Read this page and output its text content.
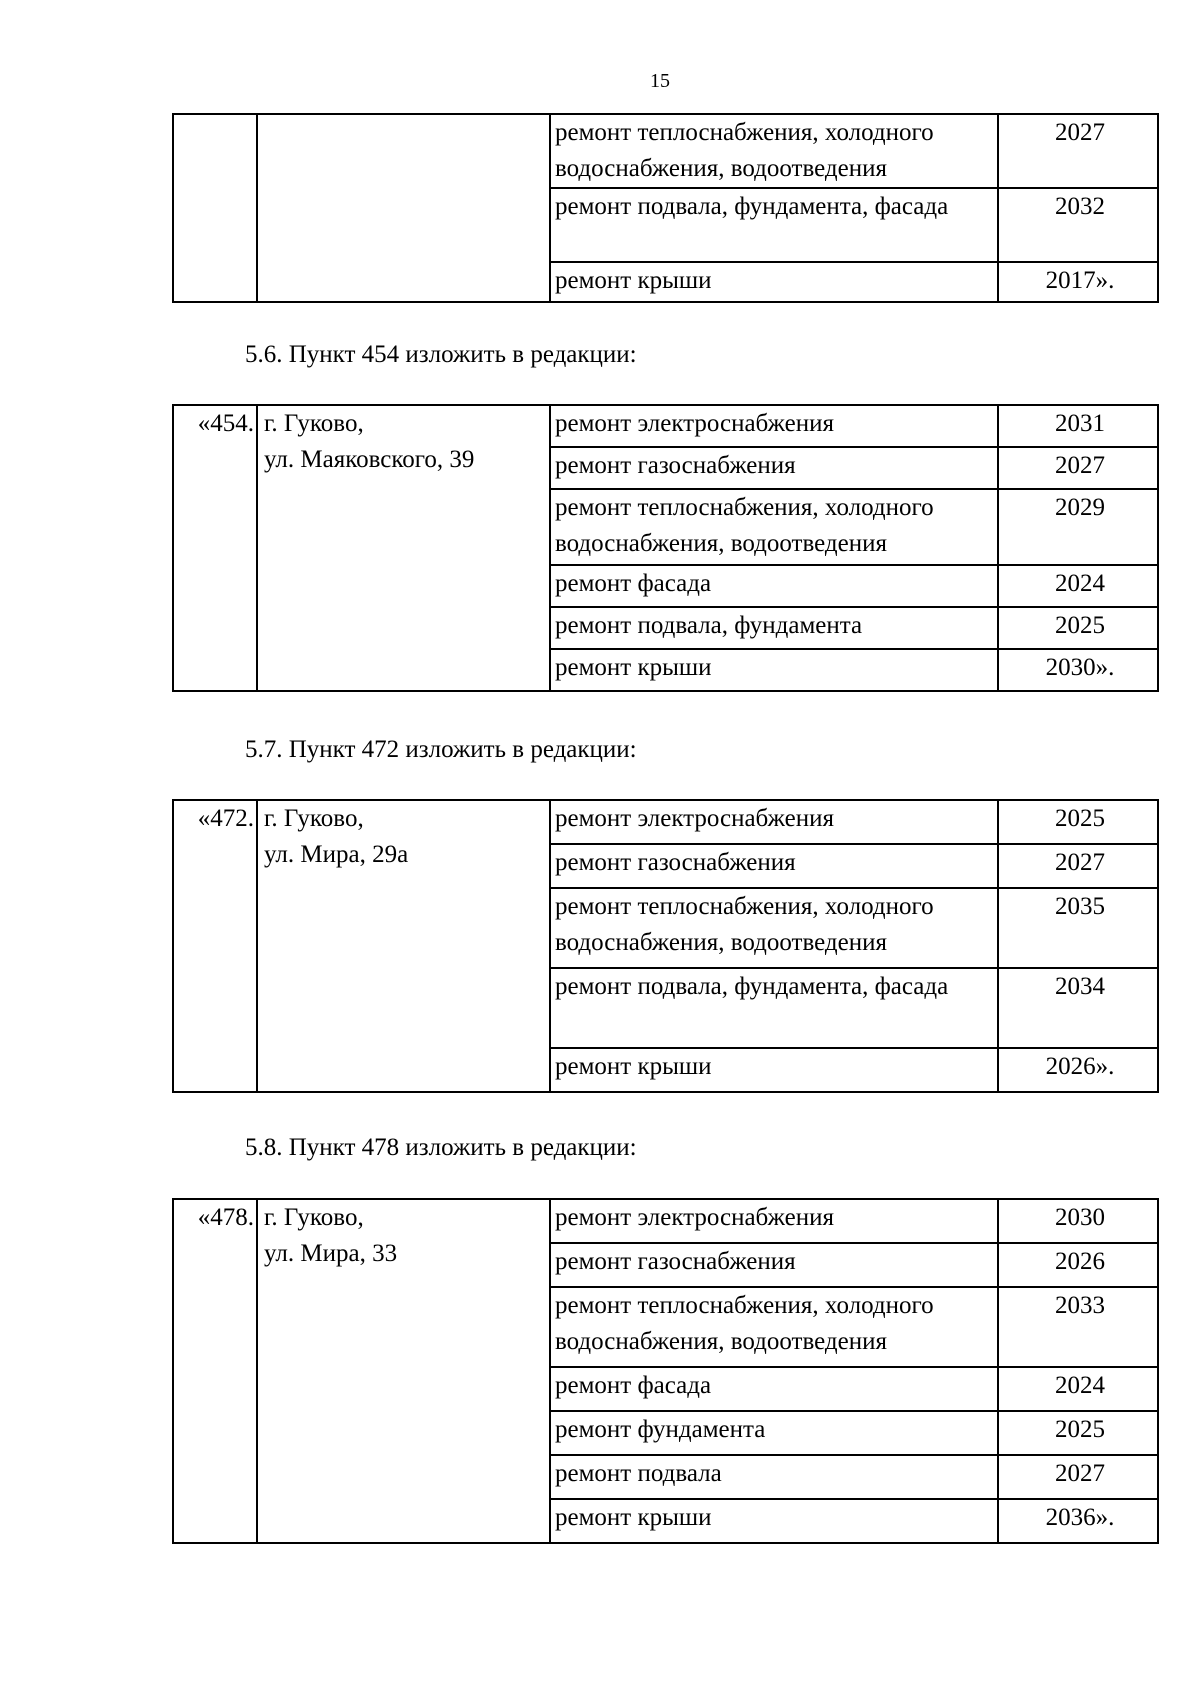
15
		ремонт теплоснабжения, холодного водоснабжения, водоотведения	2027
		ремонт подвала, фундамента, фасада	2032
		ремонт крыши	2017».
5.6. Пункт 454 изложить в редакции:
«454.	г. Гуково,
ул. Маяковского, 39	ремонт электроснабжения	2031
		ремонт газоснабжения	2027
		ремонт теплоснабжения, холодного водоснабжения, водоотведения	2029
		ремонт фасада	2024
		ремонт подвала, фундамента	2025
		ремонт крыши	2030».
5.7. Пункт 472 изложить в редакции:
«472.	г. Гуково,
ул. Мира, 29а	ремонт электроснабжения	2025
		ремонт газоснабжения	2027
		ремонт теплоснабжения, холодного водоснабжения, водоотведения	2035
		ремонт подвала, фундамента, фасада	2034
		ремонт крыши	2026».
5.8. Пункт 478 изложить в редакции:
«478.	г. Гуково,
ул. Мира, 33	ремонт электроснабжения	2030
		ремонт газоснабжения	2026
		ремонт теплоснабжения, холодного водоснабжения, водоотведения	2033
		ремонт фасада	2024
		ремонт фундамента	2025
		ремонт подвала	2027
		ремонт крыши	2036».
